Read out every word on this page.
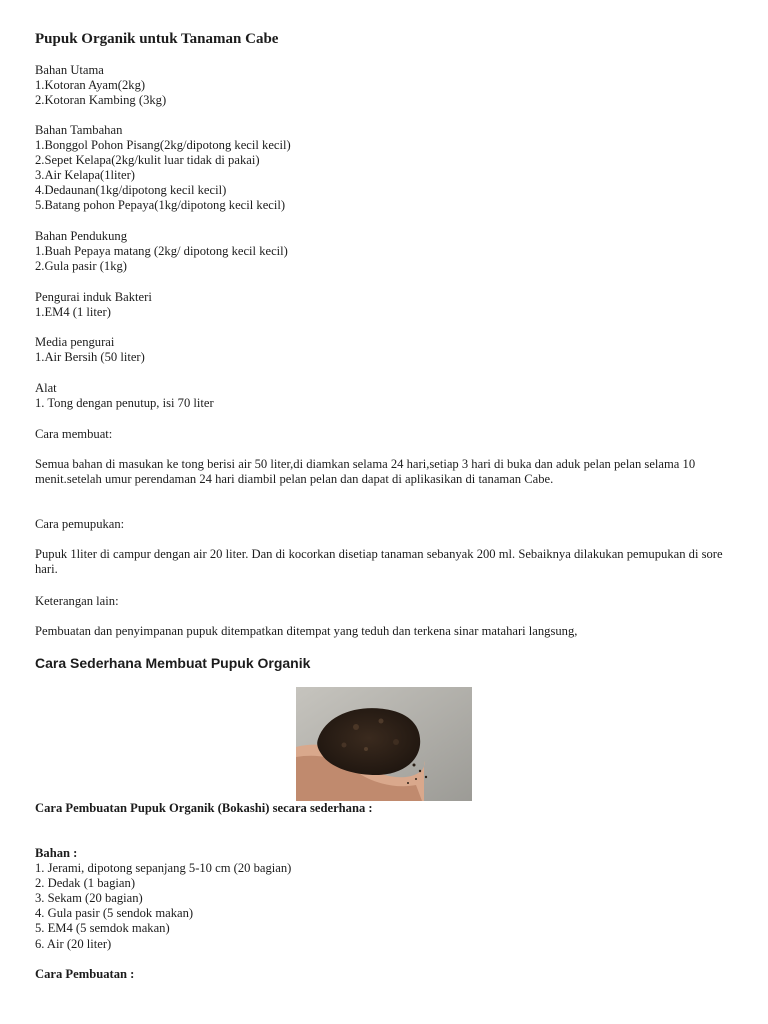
Pupuk Organik untuk Tanaman Cabe
Bahan Utama
1.Kotoran Ayam(2kg)
2.Kotoran Kambing (3kg)
Bahan Tambahan
1.Bonggol Pohon Pisang(2kg/dipotong kecil kecil)
2.Sepet Kelapa(2kg/kulit luar tidak di pakai)
3.Air Kelapa(1liter)
4.Dedaunan(1kg/dipotong kecil kecil)
5.Batang pohon Pepaya(1kg/dipotong kecil kecil)
Bahan Pendukung
1.Buah Pepaya matang (2kg/ dipotong kecil kecil)
2.Gula pasir (1kg)
Pengurai induk Bakteri
1.EM4 (1 liter)
Media pengurai
1.Air Bersih (50 liter)
Alat
1. Tong dengan penutup, isi 70 liter
Cara membuat:
Semua bahan di masukan ke tong berisi air 50 liter,di diamkan selama 24 hari,setiap 3 hari di buka dan aduk pelan pelan selama 10 menit.setelah umur perendaman 24 hari diambil pelan pelan dan dapat di aplikasikan di tanaman Cabe.
Cara pemupukan:
Pupuk 1liter di campur dengan air 20 liter. Dan di kocorkan disetiap tanaman sebanyak 200 ml. Sebaiknya dilakukan pemupukan di sore hari.
Keterangan lain:
Pembuatan dan penyimpanan pupuk ditempatkan ditempat yang teduh dan terkena sinar matahari langsung,
Cara Sederhana Membuat Pupuk Organik
Cara Pembuatan Pupuk Organik (Bokashi) secara sederhana :
Bahan :
1. Jerami, dipotong sepanjang 5-10 cm (20 bagian)
2. Dedak (1 bagian)
3. Sekam (20 bagian)
4. Gula pasir (5 sendok makan)
5. EM4 (5 semdok makan)
6. Air (20 liter)
Cara Pembuatan :
